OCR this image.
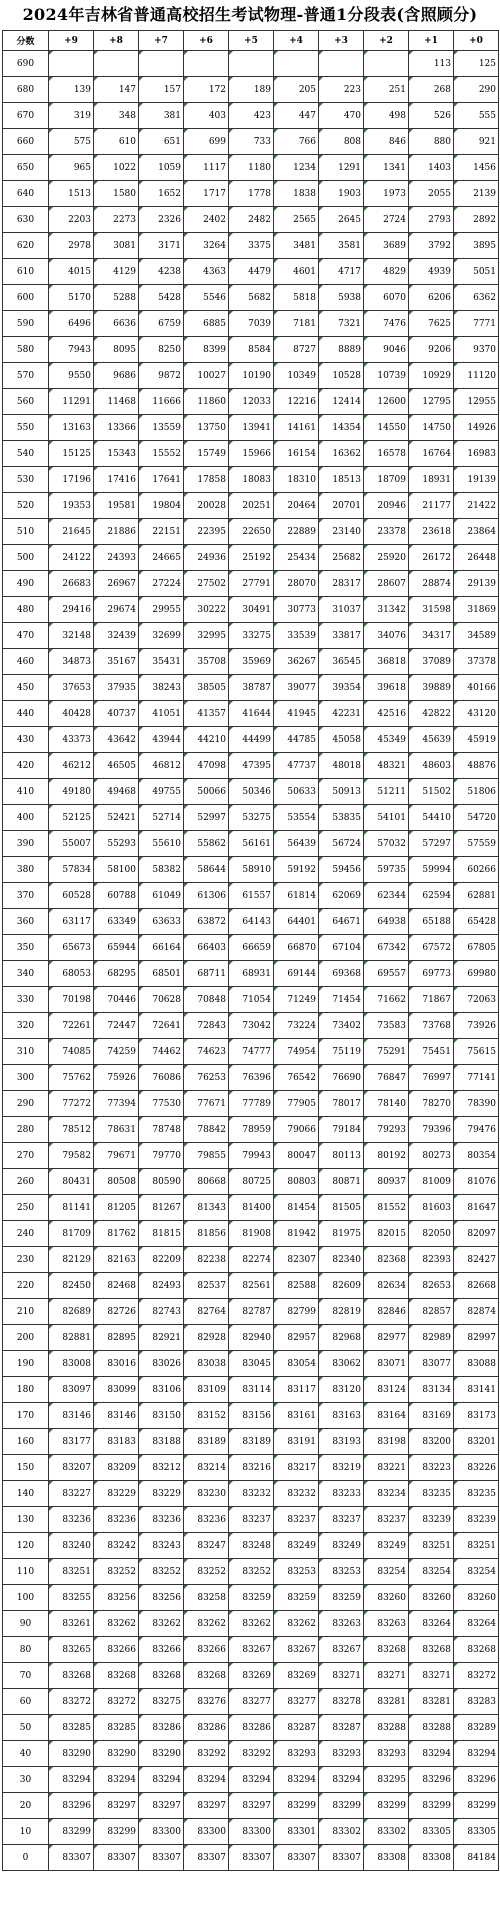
2024年吉林省普通高校招生考试物理-普通1分段表(含照顾分)
分数	+9	+8	+7	+6	+5	+4	+3	+2	+1	+0
690									113	125
680	139	147	157	172	189	205	223	251	268	290
670	319	348	381	403	423	447	470	498	526	555
660	575	610	651	699	733	766	808	846	880	921
650	965	1022	1059	1117	1180	1234	1291	1341	1403	1456
640	1513	1580	1652	1717	1778	1838	1903	1973	2055	2139
630	2203	2273	2326	2402	2482	2565	2645	2724	2793	2892
620	2978	3081	3171	3264	3375	3481	3581	3689	3792	3895
610	4015	4129	4238	4363	4479	4601	4717	4829	4939	5051
600	5170	5288	5428	5546	5682	5818	5938	6070	6206	6362
590	6496	6636	6759	6885	7039	7181	7321	7476	7625	7771
580	7943	8095	8250	8399	8584	8727	8889	9046	9206	9370
570	9550	9686	9872	10027	10190	10349	10528	10739	10929	11120
560	11291	11468	11666	11860	12033	12216	12414	12600	12795	12955
550	13163	13366	13559	13750	13941	14161	14354	14550	14750	14926
540	15125	15343	15552	15749	15966	16154	16362	16578	16764	16983
530	17196	17416	17641	17858	18083	18310	18513	18709	18931	19139
520	19353	19581	19804	20028	20251	20464	20701	20946	21177	21422
510	21645	21886	22151	22395	22650	22889	23140	23378	23618	23864
500	24122	24393	24665	24936	25192	25434	25682	25920	26172	26448
490	26683	26967	27224	27502	27791	28070	28317	28607	28874	29139
480	29416	29674	29955	30222	30491	30773	31037	31342	31598	31869
470	32148	32439	32699	32995	33275	33539	33817	34076	34317	34589
460	34873	35167	35431	35708	35969	36267	36545	36818	37089	37378
450	37653	37935	38243	38505	38787	39077	39354	39618	39889	40166
440	40428	40737	41051	41357	41644	41945	42231	42516	42822	43120
430	43373	43642	43944	44210	44499	44785	45058	45349	45639	45919
420	46212	46505	46812	47098	47395	47737	48018	48321	48603	48876
410	49180	49468	49755	50066	50346	50633	50913	51211	51502	51806
400	52125	52421	52714	52997	53275	53554	53835	54101	54410	54720
390	55007	55293	55610	55862	56161	56439	56724	57032	57297	57559
380	57834	58100	58382	58644	58910	59192	59456	59735	59994	60266
370	60528	60788	61049	61306	61557	61814	62069	62344	62594	62881
360	63117	63349	63633	63872	64143	64401	64671	64938	65188	65428
350	65673	65944	66164	66403	66659	66870	67104	67342	67572	67805
340	68053	68295	68501	68711	68931	69144	69368	69557	69773	69980
330	70198	70446	70628	70848	71054	71249	71454	71662	71867	72063
320	72261	72447	72641	72843	73042	73224	73402	73583	73768	73926
310	74085	74259	74462	74623	74777	74954	75119	75291	75451	75615
300	75762	75926	76086	76253	76396	76542	76690	76847	76997	77141
290	77272	77394	77530	77671	77789	77905	78017	78140	78270	78390
280	78512	78631	78748	78842	78959	79066	79184	79293	79396	79476
270	79582	79671	79770	79855	79943	80047	80113	80192	80273	80354
260	80431	80508	80590	80668	80725	80803	80871	80937	81009	81076
250	81141	81205	81267	81343	81400	81454	81505	81552	81603	81647
240	81709	81762	81815	81856	81908	81942	81975	82015	82050	82097
230	82129	82163	82209	82238	82274	82307	82340	82368	82393	82427
220	82450	82468	82493	82537	82561	82588	82609	82634	82653	82668
210	82689	82726	82743	82764	82787	82799	82819	82846	82857	82874
200	82881	82895	82921	82928	82940	82957	82968	82977	82989	82997
190	83008	83016	83026	83038	83045	83054	83062	83071	83077	83088
180	83097	83099	83106	83109	83114	83117	83120	83124	83134	83141
170	83146	83146	83150	83152	83156	83161	83163	83164	83169	83173
160	83177	83183	83188	83189	83189	83191	83193	83198	83200	83201
150	83207	83209	83212	83214	83216	83217	83219	83221	83223	83226
140	83227	83229	83229	83230	83232	83232	83233	83234	83235	83235
130	83236	83236	83236	83236	83237	83237	83237	83237	83239	83239
120	83240	83242	83243	83247	83248	83249	83249	83249	83251	83251
110	83251	83252	83252	83252	83252	83253	83253	83254	83254	83254
100	83255	83256	83256	83258	83259	83259	83259	83260	83260	83260
90	83261	83262	83262	83262	83262	83262	83263	83263	83264	83264
80	83265	83266	83266	83266	83267	83267	83267	83268	83268	83268
70	83268	83268	83268	83268	83269	83269	83271	83271	83271	83272
60	83272	83272	83275	83276	83277	83277	83278	83281	83281	83283
50	83285	83285	83286	83286	83286	83287	83287	83288	83288	83289
40	83290	83290	83290	83292	83292	83293	83293	83293	83294	83294
30	83294	83294	83294	83294	83294	83294	83294	83295	83296	83296
20	83296	83297	83297	83297	83297	83299	83299	83299	83299	83299
10	83299	83299	83300	83300	83300	83301	83302	83302	83305	83305
0	83307	83307	83307	83307	83307	83307	83307	83308	83308	84184
